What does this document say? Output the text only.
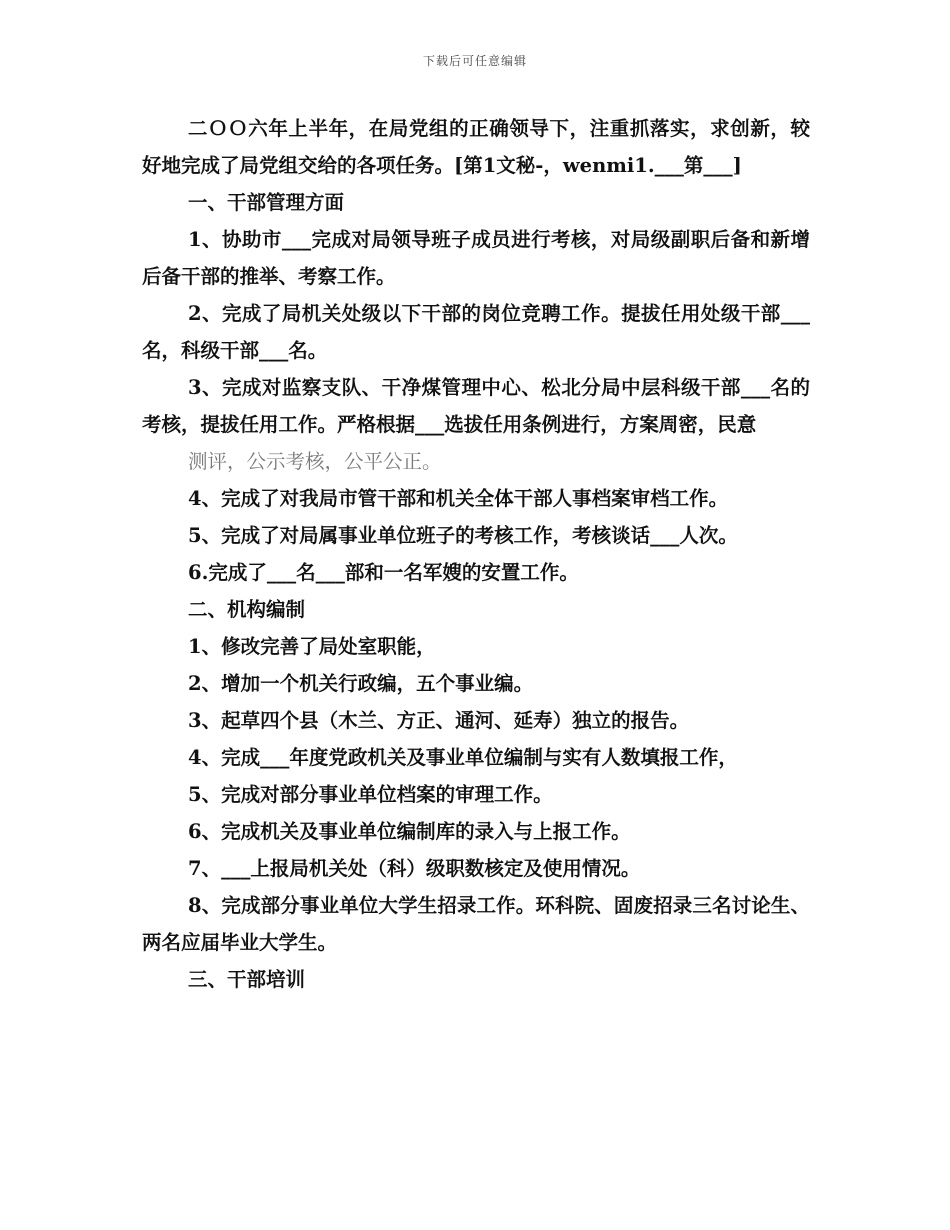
下载后可任意编辑

二ＯＯ六年上半年，在局党组的正确领导下，注重抓落实，求创新，较好地完成了局党组交给的各项任务。[第1文秘-，wenmi1.___第___]

一、干部管理方面

1、协助市___完成对局领导班子成员进行考核，对局级副职后备和新增后备干部的推举、考察工作。

2、完成了局机关处级以下干部的岗位竞聘工作。提拔任用处级干部___名，科级干部___名。

3、完成对监察支队、干净煤管理中心、松北分局中层科级干部___名的考核，提拔任用工作。严格根据___选拔任用条例进行，方案周密，民意

测评，公示考核，公平公正。

4、完成了对我局市管干部和机关全体干部人事档案审档工作。

5、完成了对局属事业单位班子的考核工作，考核谈话___人次。

6.完成了___名___部和一名军嫂的安置工作。

二、机构编制

1、修改完善了局处室职能，

2、增加一个机关行政编，五个事业编。

3、起草四个县（木兰、方正、通河、延寿）独立的报告。

4、完成___年度党政机关及事业单位编制与实有人数填报工作，

5、完成对部分事业单位档案的审理工作。

6、完成机关及事业单位编制库的录入与上报工作。

7、___上报局机关处（科）级职数核定及使用情况。

8、完成部分事业单位大学生招录工作。环科院、固废招录三名讨论生、两名应届毕业大学生。

三、干部培训
